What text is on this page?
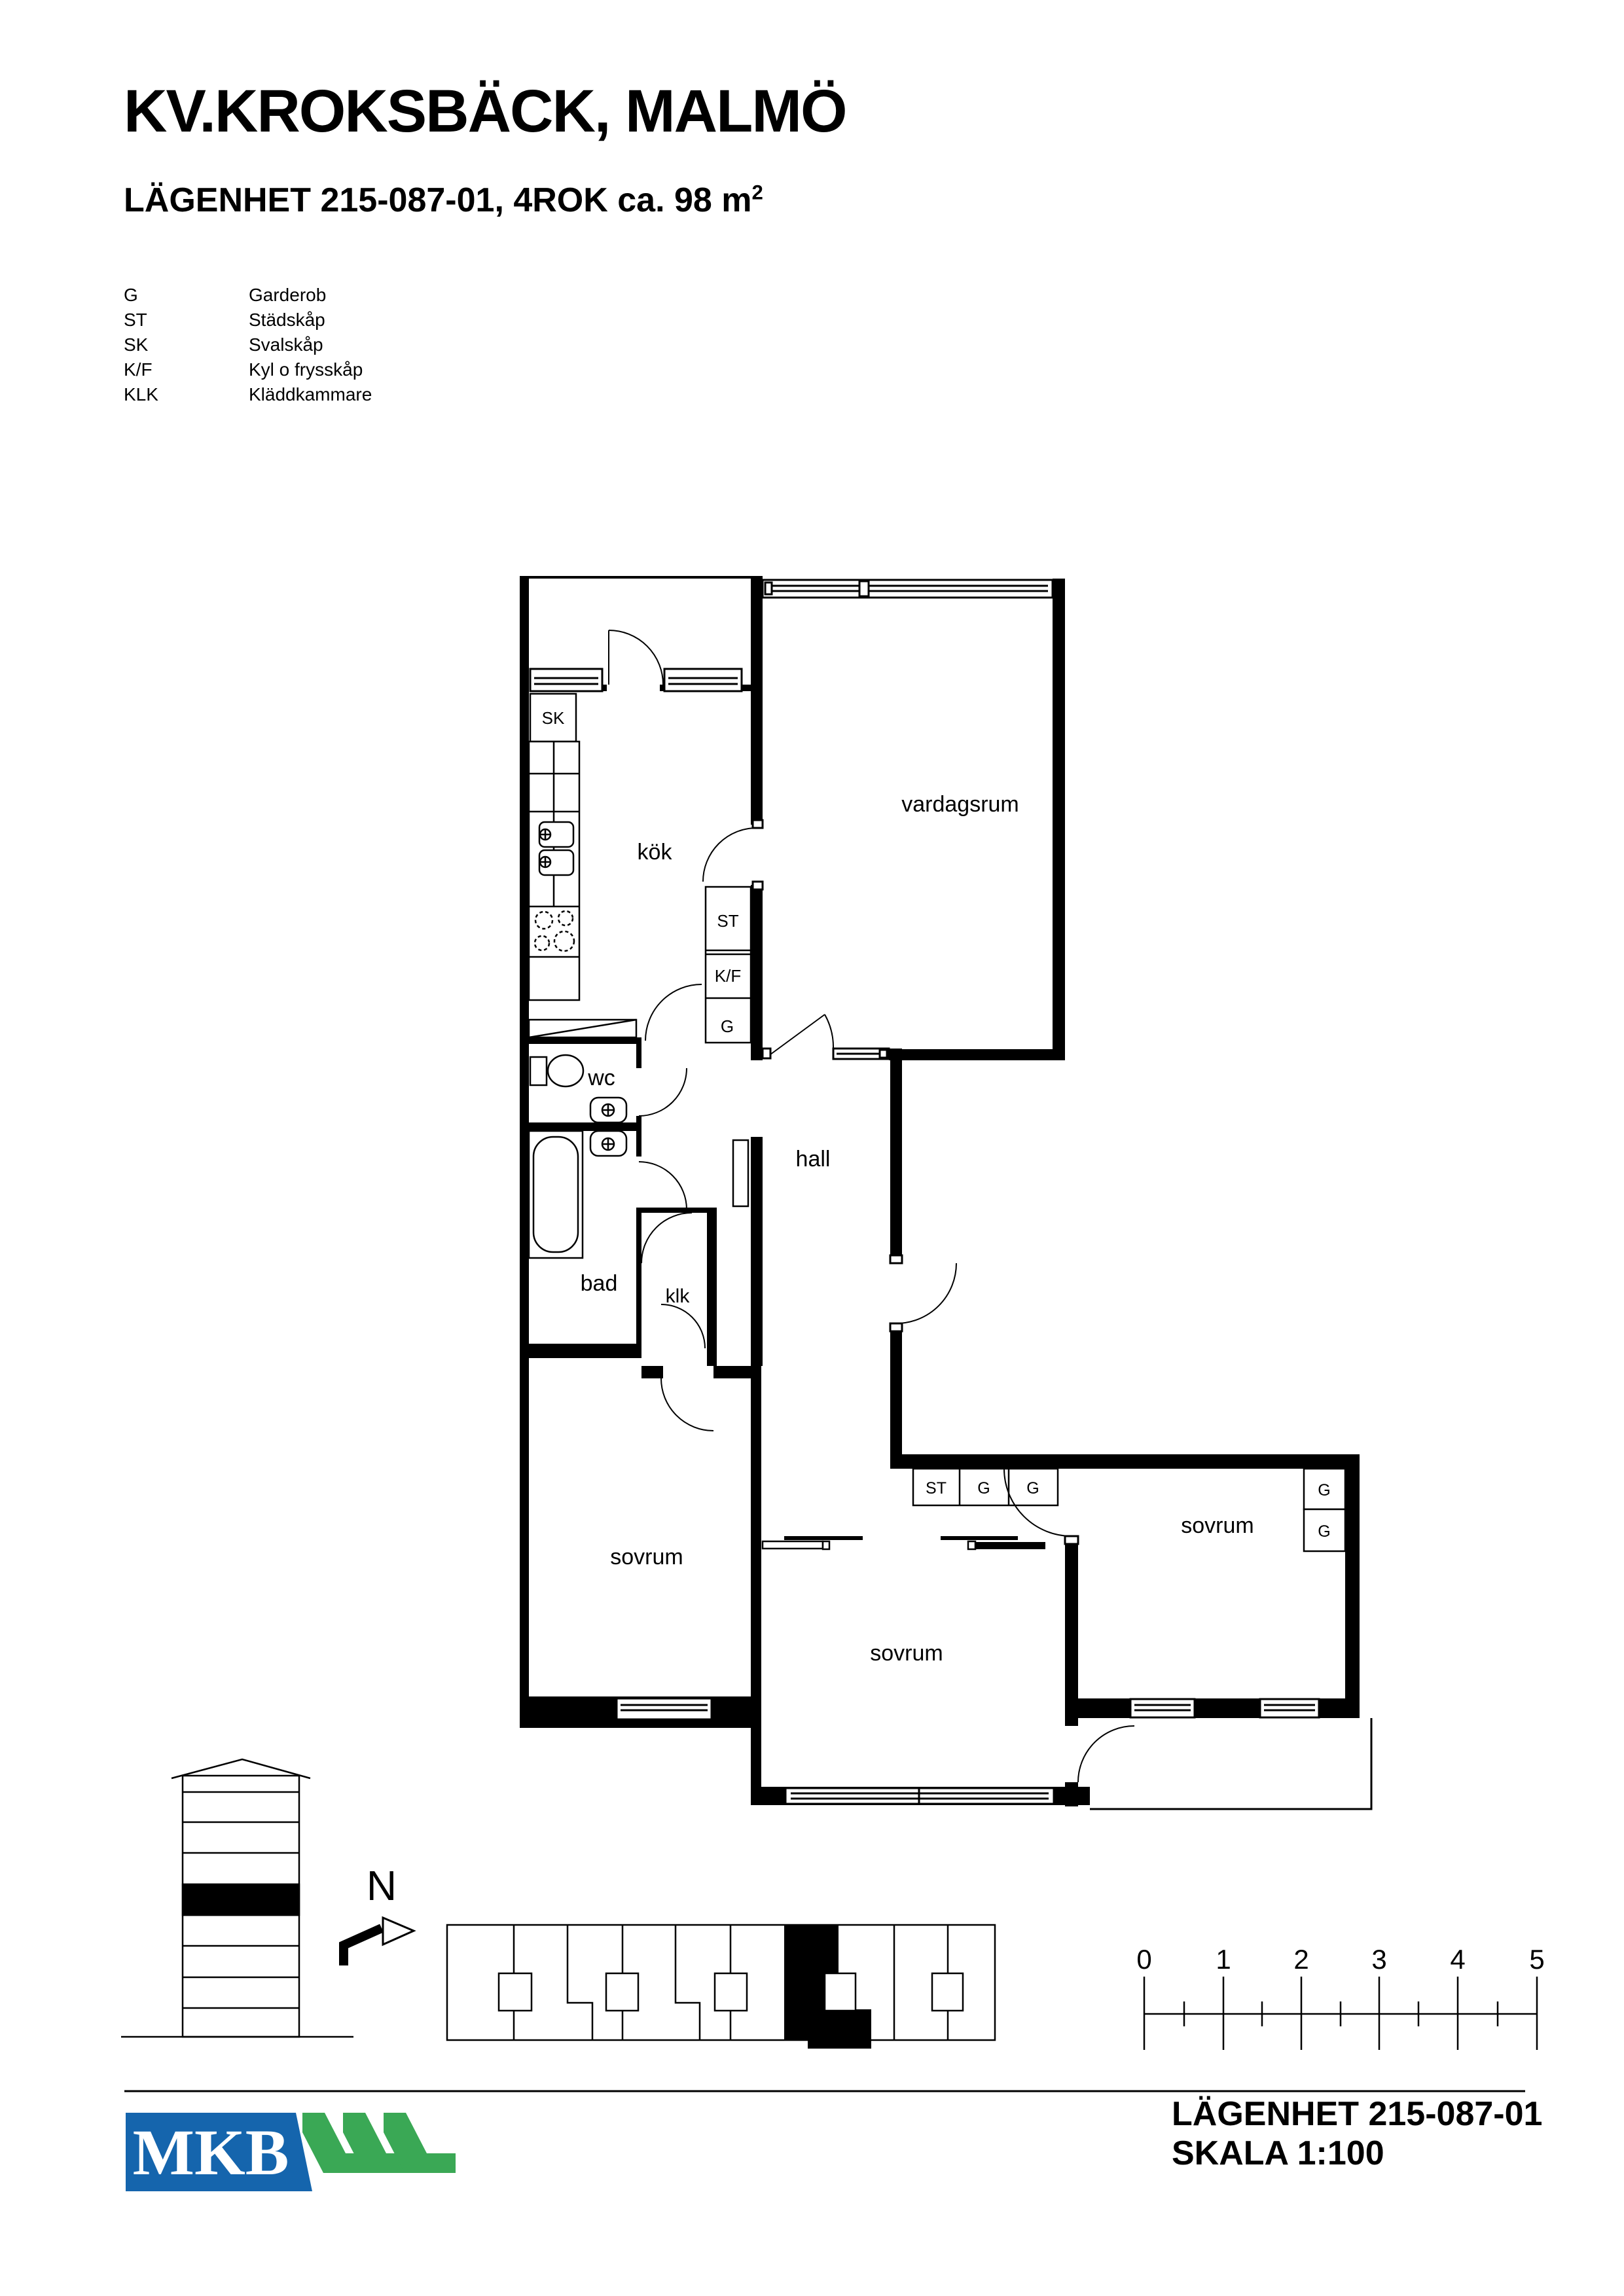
KV.KROKSBÄCK, MALMÖ
LÄGENHET 215-087-01, 4ROK ca. 98 $m^2$
G	Garderob
ST	Städskåp
SK	Svalskåp
K/F	Kyl o frysskåp
KLK	Kläddkammare
kök
vardagsrum
wc
bad
klk
hall
sovrum
sovrum
sovrum
SK
ST
K/F
G
ST G G	G
G
N
0 1 2 3 4 5
MKB
LÄGENHET 215-087-01
SKALA 1:100
